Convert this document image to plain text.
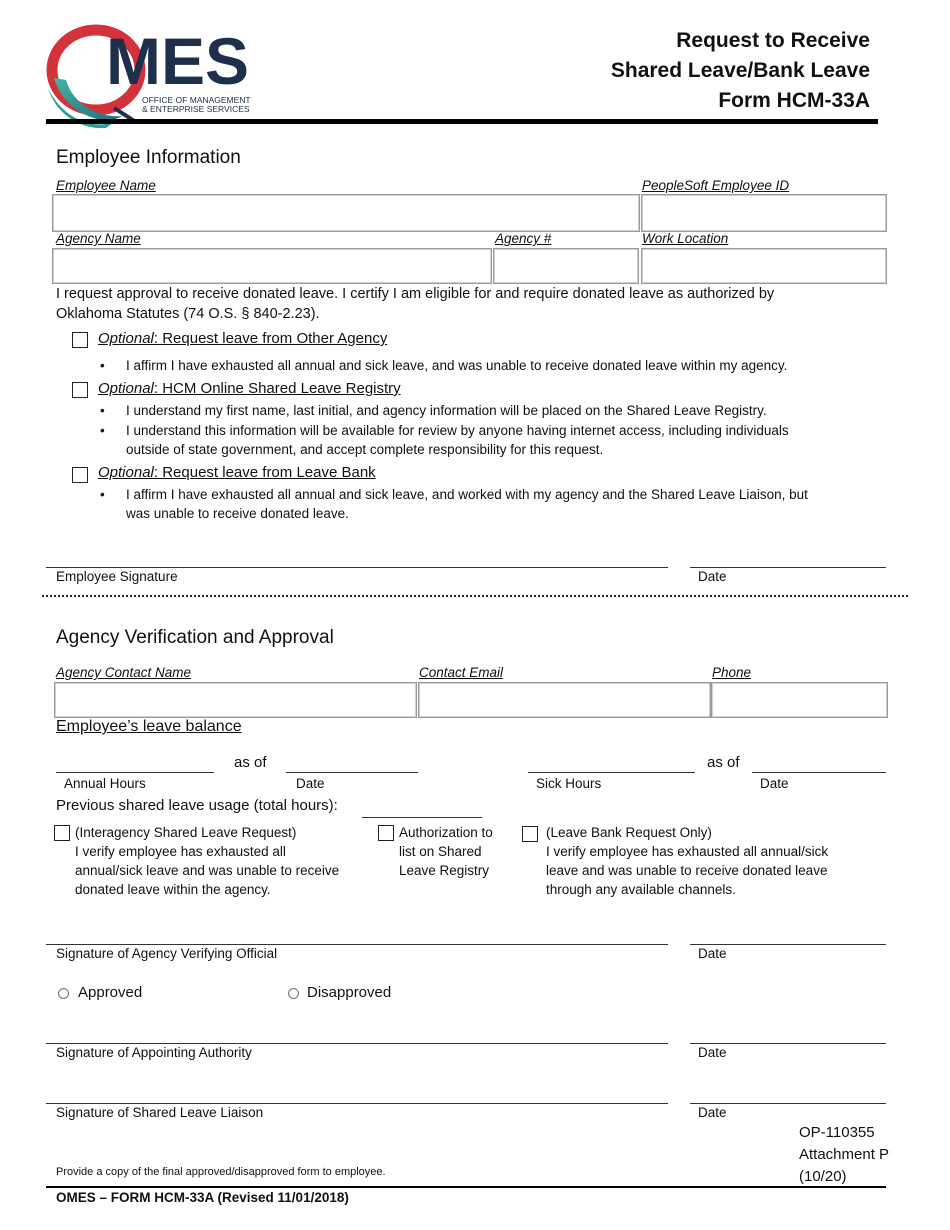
MES
OFFICE OF MANAGEMENT
& ENTERPRISE SERVICES
Request to Receive
Shared Leave/Bank Leave
Form HCM-33A
Employee Information
Employee Name	PeopleSoft Employee ID
Agency Name	Agency #	Work Location
I request approval to receive donated leave. I certify I am eligible for and require donated leave as authorized by
Oklahoma Statutes (74 O.S. § 840-2.23).
Optional: Request leave from Other Agency
• I affirm I have exhausted all annual and sick leave, and was unable to receive donated leave within my agency.
Optional: HCM Online Shared Leave Registry
• I understand my first name, last initial, and agency information will be placed on the Shared Leave Registry.
• I understand this information will be available for review by anyone having internet access, including individuals
outside of state government, and accept complete responsibility for this request.
Optional: Request leave from Leave Bank
• I affirm I have exhausted all annual and sick leave, and worked with my agency and the Shared Leave Liaison, but
was unable to receive donated leave.
Employee Signature	Date
Agency Verification and Approval
Agency Contact Name	Contact Email	Phone
Employee’s leave balance
as of
Annual Hours	Date
as of
Sick Hours	Date
Previous shared leave usage (total hours):
(Interagency Shared Leave Request)
I verify employee has exhausted all
annual/sick leave and was unable to receive
donated leave within the agency.
Authorization to
list on Shared
Leave Registry
(Leave Bank Request Only)
I verify employee has exhausted all annual/sick
leave and was unable to receive donated leave
through any available channels.
Signature of Agency Verifying Official	Date
Approved	Disapproved
Signature of Appointing Authority	Date
Signature of Shared Leave Liaison	Date
OP-110355
Attachment P
(10/20)
Provide a copy of the final approved/disapproved form to employee.
OMES – FORM HCM-33A (Revised 11/01/2018)
